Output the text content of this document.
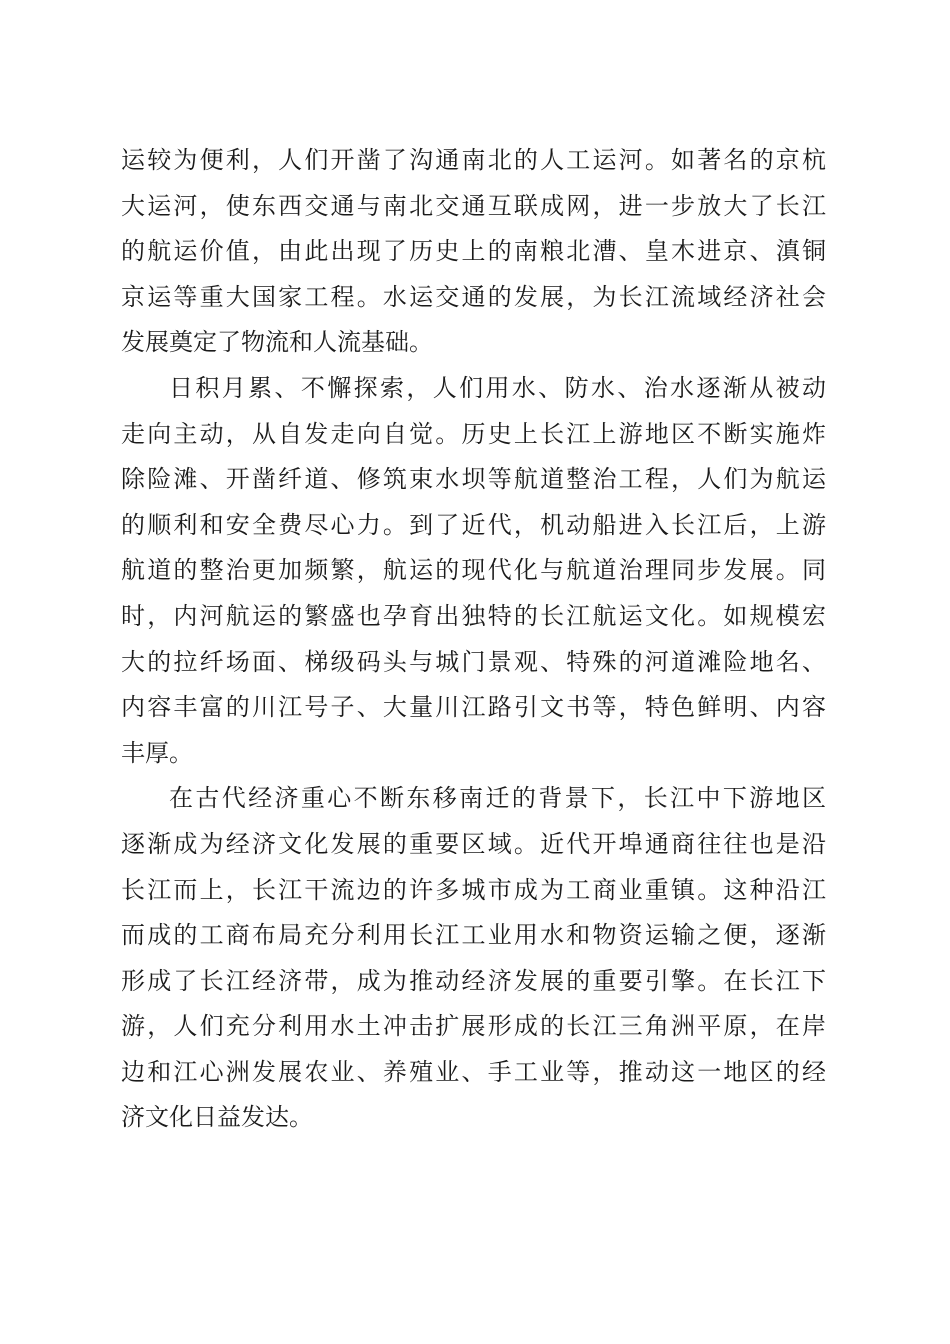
运较为便利，人们开凿了沟通南北的人工运河。如著名的京杭
大运河，使东西交通与南北交通互联成网，进一步放大了长江
的航运价值，由此出现了历史上的南粮北漕、皇木进京、滇铜
京运等重大国家工程。水运交通的发展，为长江流域经济社会
发展奠定了物流和人流基础。
日积月累、不懈探索，人们用水、防水、治水逐渐从被动
走向主动，从自发走向自觉。历史上长江上游地区不断实施炸
除险滩、开凿纤道、修筑束水坝等航道整治工程，人们为航运
的顺利和安全费尽心力。到了近代，机动船进入长江后，上游
航道的整治更加频繁，航运的现代化与航道治理同步发展。同
时，内河航运的繁盛也孕育出独特的长江航运文化。如规模宏
大的拉纤场面、梯级码头与城门景观、特殊的河道滩险地名、
内容丰富的川江号子、大量川江路引文书等，特色鲜明、内容
丰厚。
在古代经济重心不断东移南迁的背景下，长江中下游地区
逐渐成为经济文化发展的重要区域。近代开埠通商往往也是沿
长江而上，长江干流边的许多城市成为工商业重镇。这种沿江
而成的工商布局充分利用长江工业用水和物资运输之便，逐渐
形成了长江经济带，成为推动经济发展的重要引擎。在长江下
游，人们充分利用水土冲击扩展形成的长江三角洲平原，在岸
边和江心洲发展农业、养殖业、手工业等，推动这一地区的经
济文化日益发达。
